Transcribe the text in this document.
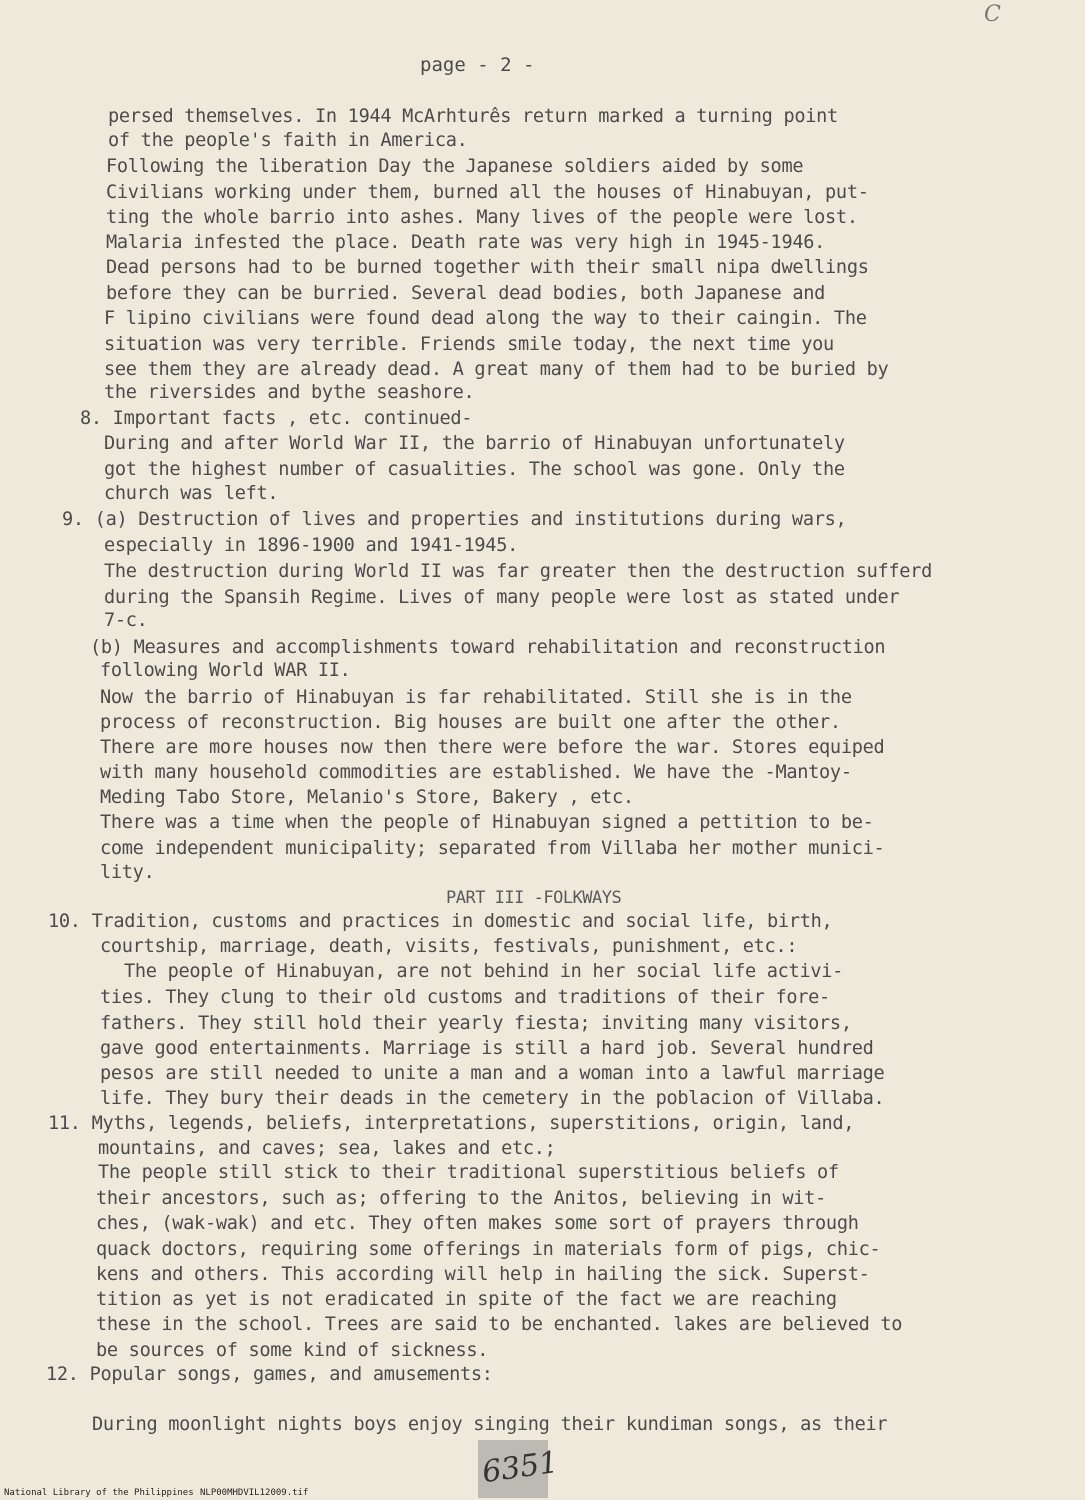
C
page - 2 -
persed themselves. In 1944 McArhturês return marked a turning point
of the people's faith in America.
Following the liberation Day the Japanese soldiers aided by some
Civilians working under them, burned all the houses of Hinabuyan, put-
ting the whole barrio into ashes. Many lives of the people were lost.
Malaria infested the place. Death rate was very high in 1945-1946.
Dead persons had to be burned together with their small nipa dwellings
before they can be burried. Several dead bodies, both Japanese and
F lipino civilians were found dead along the way to their caingin. The
situation was very terrible. Friends smile today, the next time you
see them they are already dead. A great many of them had to be buried by
the riversides and bythe seashore.
8. Important facts , etc. continued-
During and after World War II, the barrio of Hinabuyan unfortunately
got the highest number of casualities. The school was gone. Only the
church was left.
9. (a) Destruction of lives and properties and institutions during wars,
especially in 1896-1900 and 1941-1945.
The destruction during World II was far greater then the destruction sufferd
during the Spansih Regime. Lives of many people were lost as stated under
7-c.
(b) Measures and accomplishments toward rehabilitation and reconstruction
following World WAR II.
Now the barrio of Hinabuyan is far rehabilitated. Still she is in the
process of reconstruction. Big houses are built one after the other.
There are more houses now then there were before the war. Stores equiped
with many household commodities are established. We have the -Mantoy-
Meding Tabo Store, Melanio's Store, Bakery , etc.
There was a time when the people of Hinabuyan signed a pettition to be-
come independent municipality; separated from Villaba her mother munici-
lity.
PART III -FOLKWAYS
10. Tradition, customs and practices in domestic and social life, birth,
courtship, marriage, death, visits, festivals, punishment, etc.:
The people of Hinabuyan, are not behind in her social life activi-
ties. They clung to their old customs and traditions of their fore-
fathers. They still hold their yearly fiesta; inviting many visitors,
gave good entertainments. Marriage is still a hard job. Several hundred
pesos are still needed to unite a man and a woman into a lawful marriage
life. They bury their deads in the cemetery in the poblacion of Villaba.
11. Myths, legends, beliefs, interpretations, superstitions, origin, land,
mountains, and caves; sea, lakes and etc.;
The people still stick to their traditional superstitious beliefs of
their ancestors, such as; offering to the Anitos, believing in wit-
ches, (wak-wak) and etc. They often makes some sort of prayers through
quack doctors, requiring some offerings in materials form of pigs, chic-
kens and others. This according will help in hailing the sick. Superst-
tition as yet is not eradicated in spite of the fact we are reaching
these in the school. Trees are said to be enchanted. lakes are believed to
be sources of some kind of sickness.
12. Popular songs, games, and amusements:
During moonlight nights boys enjoy singing their kundiman songs, as their
6351
National Library of the Philippines NLP00MHDVIL12009.tif
